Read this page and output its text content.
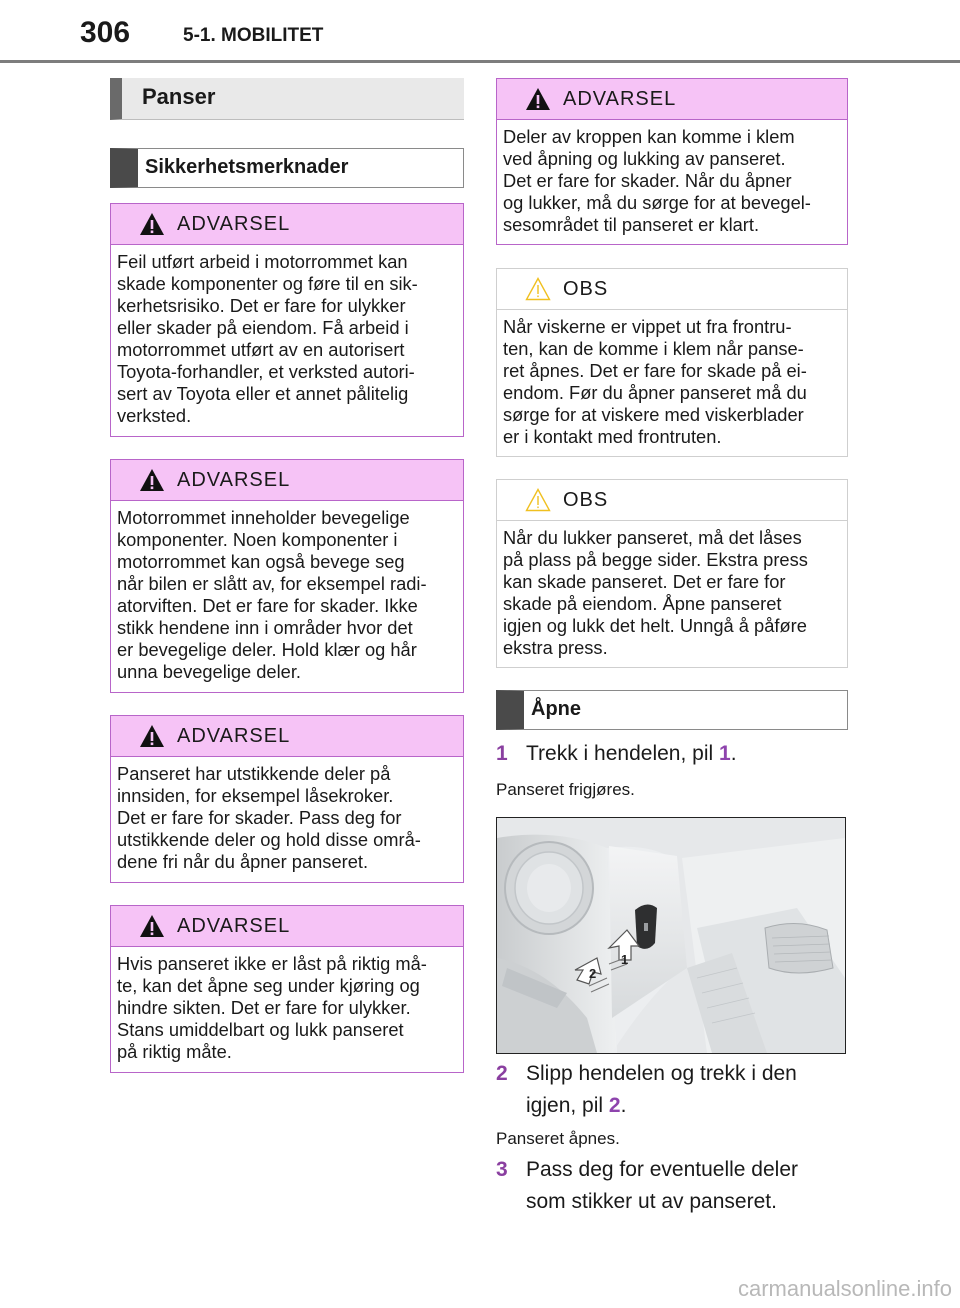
306	5-1. MOBILITET
Panser
Sikkerhetsmerknader
ADVARSEL
Feil utført arbeid i motorrommet kan
skade komponenter og føre til en sik-
kerhetsrisiko. Det er fare for ulykker
eller skader på eiendom. Få arbeid i
motorrommet utført av en autorisert
Toyota-forhandler, et verksted autori-
sert av Toyota eller et annet pålitelig
verksted.
ADVARSEL
Motorrommet inneholder bevegelige
komponenter. Noen komponenter i
motorrommet kan også bevege seg
når bilen er slått av, for eksempel radi-
atorviften. Det er fare for skader. Ikke
stikk hendene inn i områder hvor det
er bevegelige deler. Hold klær og hår
unna bevegelige deler.
ADVARSEL
Panseret har utstikkende deler på
innsiden, for eksempel låsekroker.
Det er fare for skader. Pass deg for
utstikkende deler og hold disse områ-
dene fri når du åpner panseret.
ADVARSEL
Hvis panseret ikke er låst på riktig må-
te, kan det åpne seg under kjøring og
hindre sikten. Det er fare for ulykker.
Stans umiddelbart og lukk panseret
på riktig måte.
ADVARSEL
Deler av kroppen kan komme i klem
ved åpning og lukking av panseret.
Det er fare for skader. Når du åpner
og lukker, må du sørge for at bevegel-
sesområdet til panseret er klart.
OBS
Når viskerne er vippet ut fra frontru-
ten, kan de komme i klem når panse-
ret åpnes. Det er fare for skade på ei-
endom. Før du åpner panseret må du
sørge for at viskere med viskerblader
er i kontakt med frontruten.
OBS
Når du lukker panseret, må det låses
på plass på begge sider. Ekstra press
kan skade panseret. Det er fare for
skade på eiendom. Åpne panseret
igjen og lukk det helt. Unngå å påføre
ekstra press.
Åpne
1 Trekk i hendelen, pil 1.
Panseret frigjøres.
1
2
2 Slipp hendelen og trekk i den
igjen, pil 2.
Panseret åpnes.
3 Pass deg for eventuelle deler
som stikker ut av panseret.
carmanualsonline.info
